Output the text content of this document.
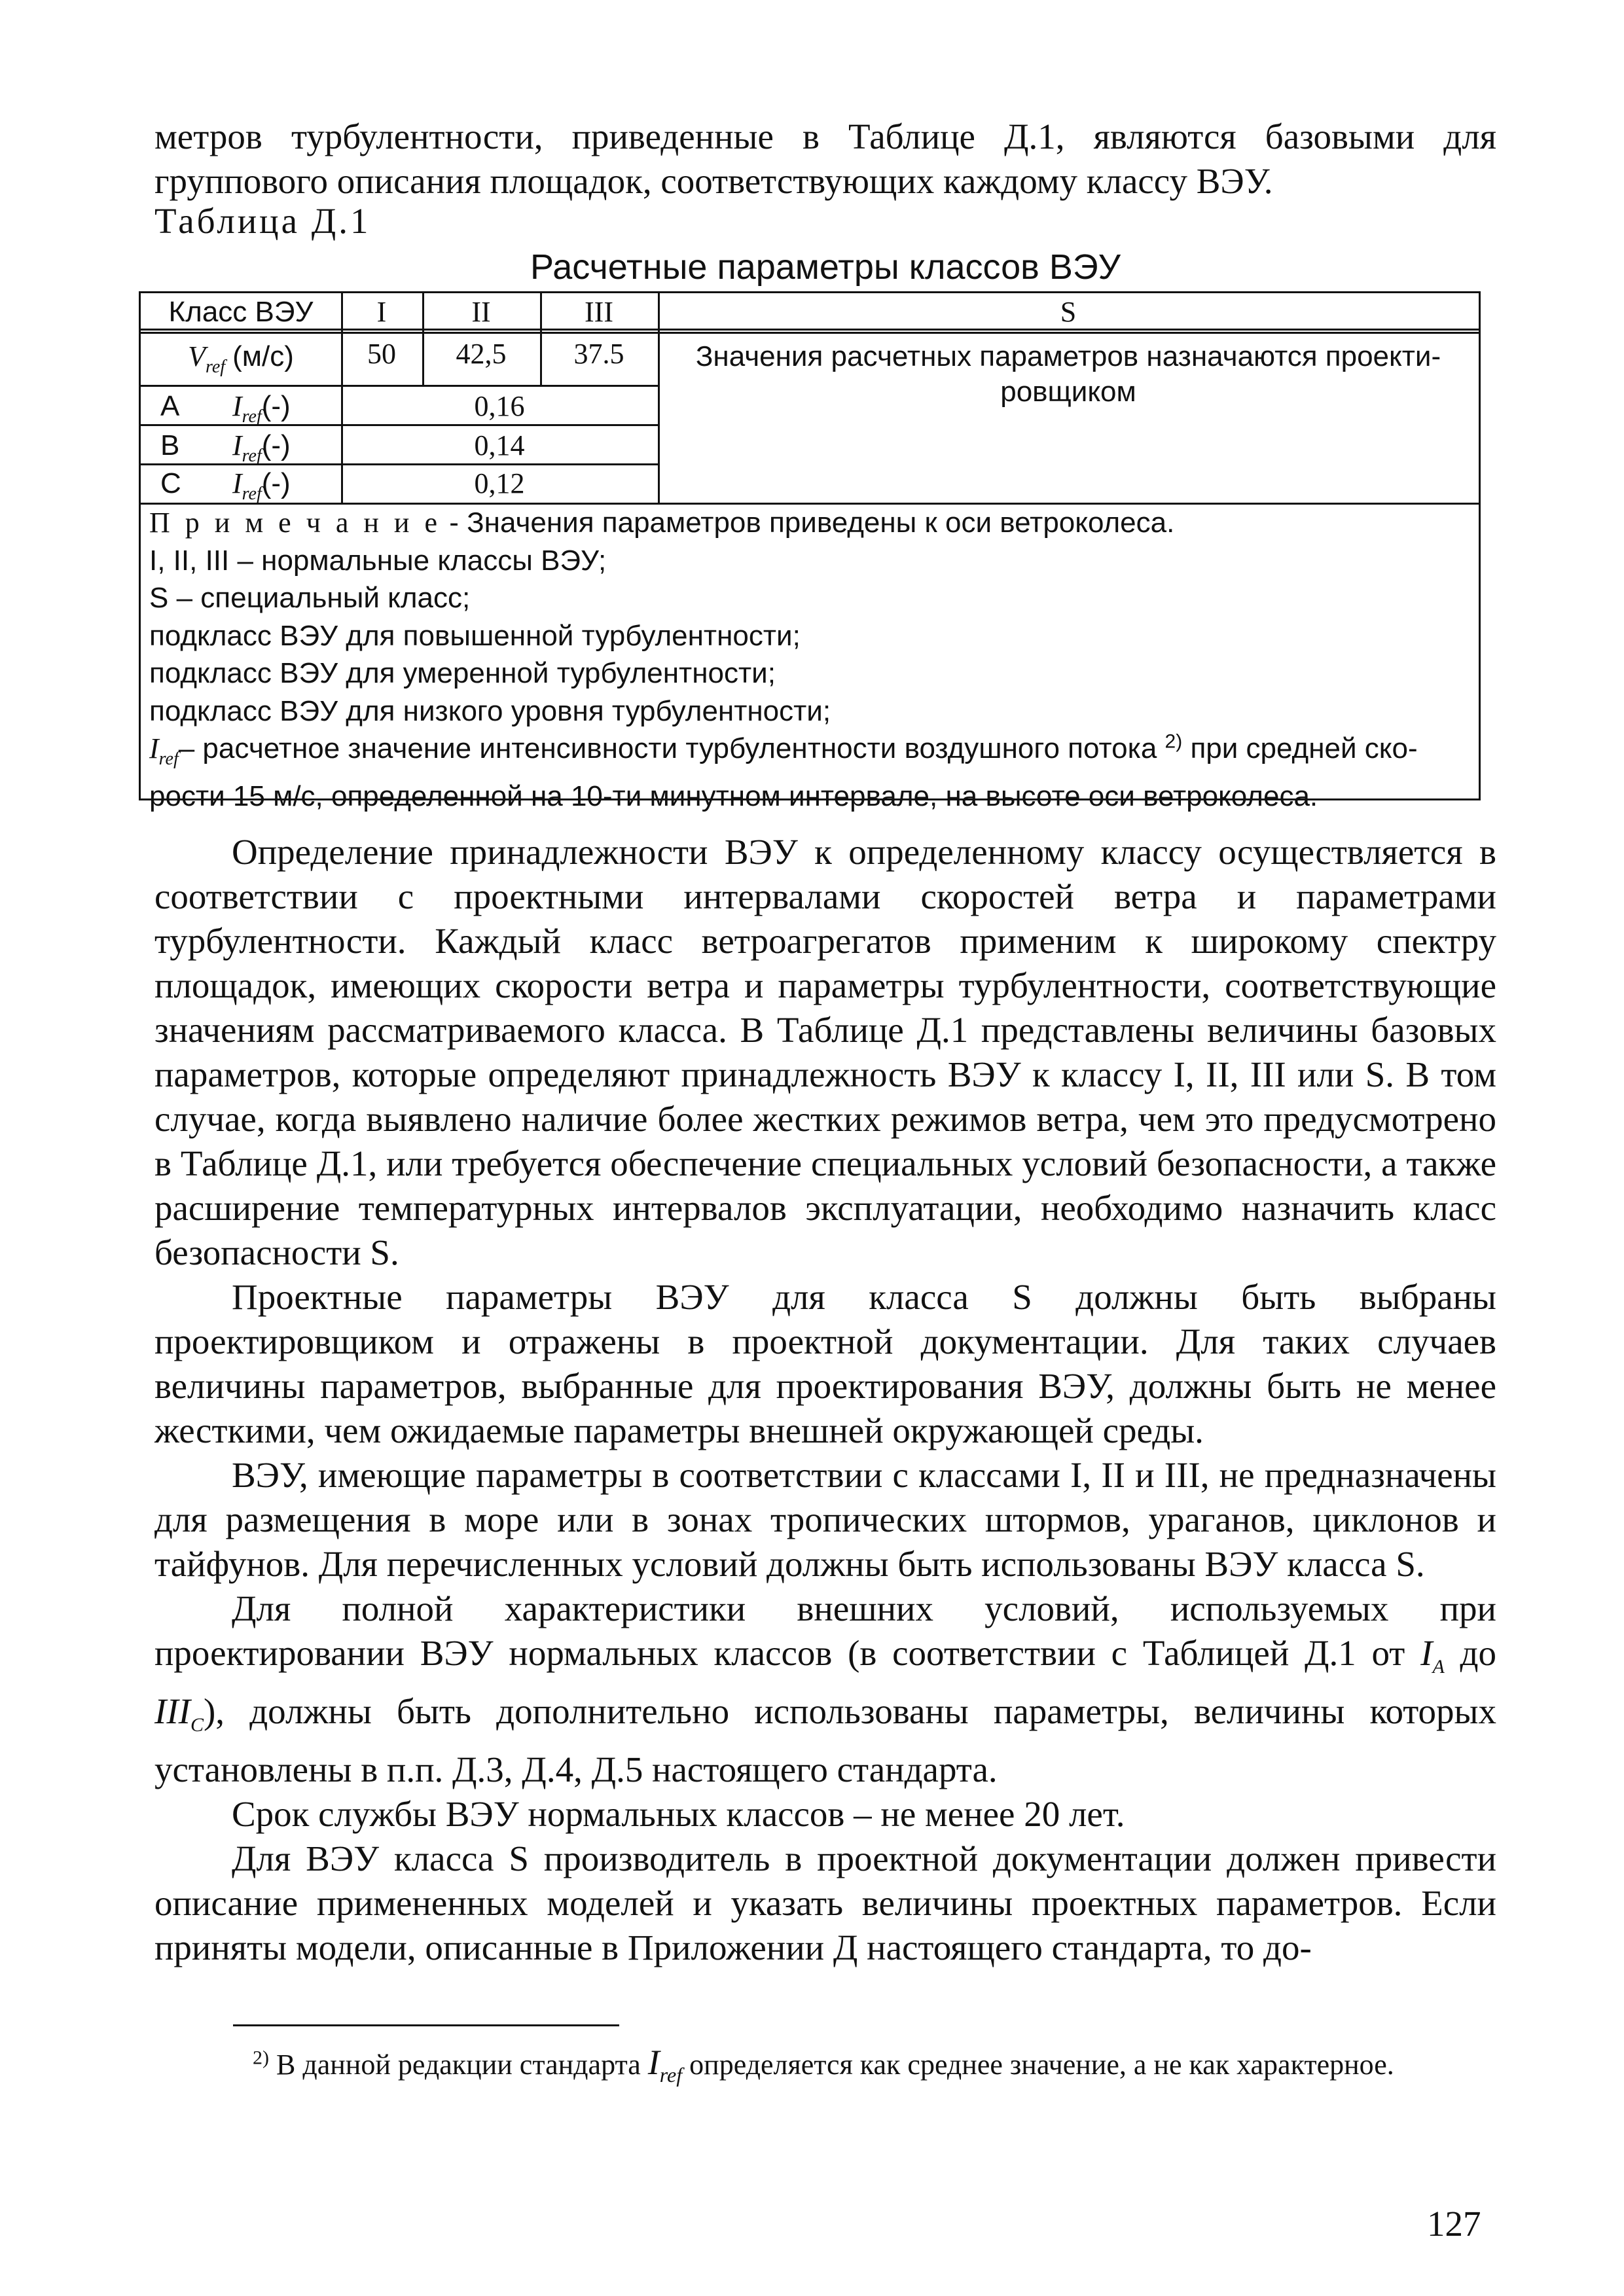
метров турбулентности, приведенные в Таблице Д.1, являются базовыми для группового описания площадок, соответствующих каждому классу ВЭУ.

Таблица Д.1
Расчетные параметры классов ВЭУ
Класс ВЭУ	I	II	III	S
$V_{ref}$ (м/с)	50	42,5	37.5	Значения расчетных параметров назначаются проекти-ровщиком
A	$I_{ref}(-)$	0,16
B	$I_{ref}(-)$	0,14
C	$I_{ref}(-)$	0,12
П р и м е ч а н и е - Значения параметров приведены к оси ветроколеса.
I, II, III – нормальные классы ВЭУ;
S – специальный класс;
подкласс ВЭУ для повышенной турбулентности;
подкласс ВЭУ для умеренной турбулентности;
подкласс ВЭУ для низкого уровня турбулентности;
$I_{ref}-$ расчетное значение интенсивности турбулентности воздушного потока $^{2)}$ при средней ско-
рости 15 м/с, определенной на 10-ти минутном интервале, на высоте оси ветроколеса.

Определение принадлежности ВЭУ к определенному классу осуществляется в соответствии с проектными интервалами скоростей ветра и параметрами турбулентности. Каждый класс ветроагрегатов применим к широкому спектру площадок, имеющих скорости ветра и параметры турбулентности, соответствующие значениям рассматриваемого класса. В Таблице Д.1 представлены величины базовых параметров, которые определяют принадлежность ВЭУ к классу I, II, III или S. В том случае, когда выявлено наличие более жестких режимов ветра, чем это предусмотрено в Таблице Д.1, или требуется обеспечение специальных условий безопасности, а также расширение температурных интервалов эксплуатации, необходимо назначить класс безопасности S.

Проектные параметры ВЭУ для класса S должны быть выбраны проектировщиком и отражены в проектной документации. Для таких случаев величины параметров, выбранные для проектирования ВЭУ, должны быть не менее жесткими, чем ожидаемые параметры внешней окружающей среды.

ВЭУ, имеющие параметры в соответствии с классами I, II и III, не предназначены для размещения в море или в зонах тропических штормов, ураганов, циклонов и тайфунов. Для перечисленных условий должны быть использованы ВЭУ класса S.

Для полной характеристики внешних условий, используемых при проектировании ВЭУ нормальных классов (в соответствии с Таблицей Д.1 от $I_A$ до $III_C$), должны быть дополнительно использованы параметры, величины которых установлены в п.п. Д.3, Д.4, Д.5 настоящего стандарта.

Срок службы ВЭУ нормальных классов – не менее 20 лет.

Для ВЭУ класса S производитель в проектной документации должен привести описание примененных моделей и указать величины проектных параметров. Если приняты модели, описанные в Приложении Д настоящего стандарта, то до-

$^{2)}$ В данной редакции стандарта $I_{ref}$ определяется как среднее значение, а не как характерное.
127
